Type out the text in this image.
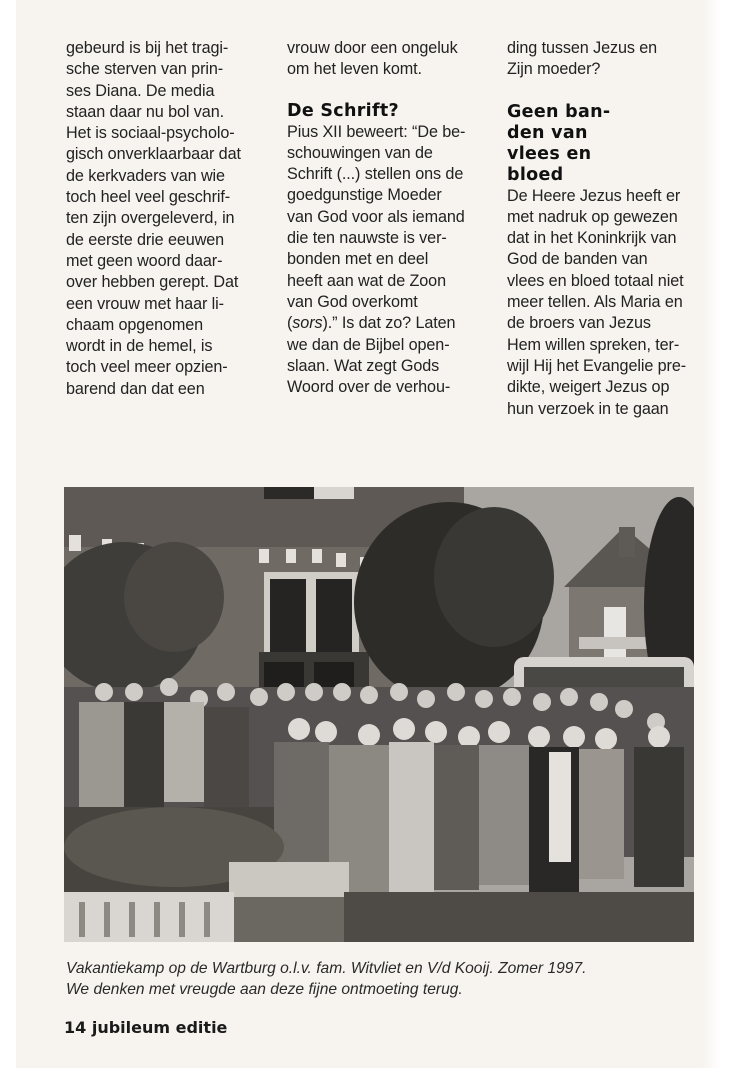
gebeurd is bij het tragi-
sche sterven van prin-
ses Diana. De media
staan daar nu bol van.
Het is sociaal-psycholo-
gisch onverklaarbaar dat
de kerkvaders van wie
toch heel veel geschrif-
ten zijn overgeleverd, in
de eerste drie eeuwen
met geen woord daar-
over hebben gerept. Dat
een vrouw met haar li-
chaam opgenomen
wordt in de hemel, is
toch veel meer opzien-
barend dan dat een
vrouw door een ongeluk
om het leven komt.
De Schrift?
Pius XII beweert: “De be-
schouwingen van de
Schrift (...) stellen ons de
goedgunstige Moeder
van God voor als iemand
die ten nauwste is ver-
bonden met en deel
heeft aan wat de Zoon
van God overkomt
(sors).” Is dat zo? Laten
we dan de Bijbel open-
slaan. Wat zegt Gods
Woord over de verhou-
ding tussen Jezus en
Zijn moeder?
Geen ban-
den van
vlees en
bloed
De Heere Jezus heeft er
met nadruk op gewezen
dat in het Koninkrijk van
God de banden van
vlees en bloed totaal niet
meer tellen. Als Maria en
de broers van Jezus
Hem willen spreken, ter-
wijl Hij het Evangelie pre-
dikte, weigert Jezus op
hun verzoek in te gaan
Vakantiekamp op de Wartburg o.l.v. fam. Witvliet en V/d Kooij. Zomer 1997.
We denken met vreugde aan deze fijne ontmoeting terug.
14 jubileum editie
